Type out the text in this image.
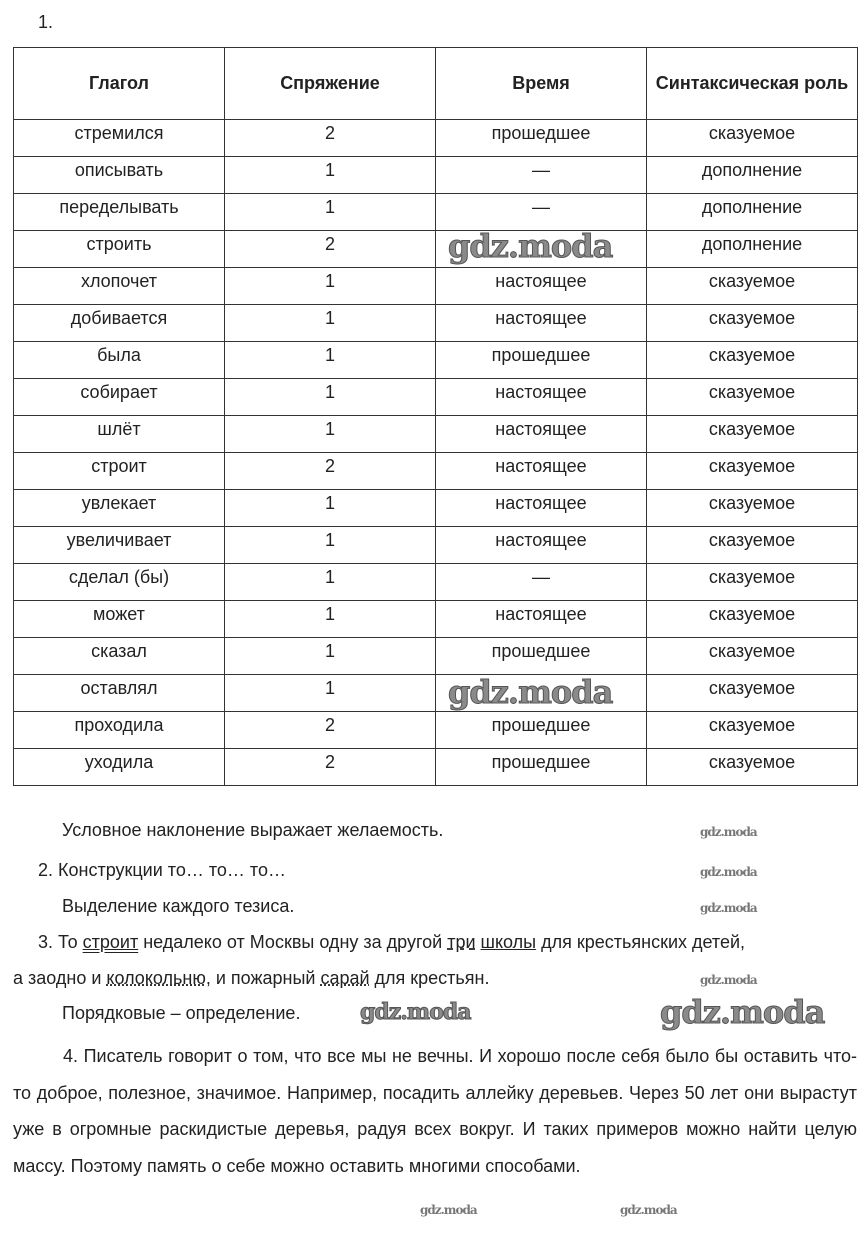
1.
Глагол	Спряжение	Время	Синтаксическая роль
стремился	2	прошедшее	сказуемое
описывать	1	—	дополнение
переделывать	1	—	дополнение
строить	2		дополнение
хлопочет	1	настоящее	сказуемое
добивается	1	настоящее	сказуемое
была	1	прошедшее	сказуемое
собирает	1	настоящее	сказуемое
шлёт	1	настоящее	сказуемое
строит	2	настоящее	сказуемое
увлекает	1	настоящее	сказуемое
увеличивает	1	настоящее	сказуемое
сделал (бы)	1	—	сказуемое
может	1	настоящее	сказуемое
сказал	1	прошедшее	сказуемое
оставлял	1		сказуемое
проходила	2	прошедшее	сказуемое
уходила	2	прошедшее	сказуемое
Условное наклонение выражает желаемость.
2. Конструкции то… то… то…
Выделение каждого тезиса.
3. То строит недалеко от Москвы одну за другой три школы для крестьянских детей,
а заодно и колокольню, и пожарный сарай для крестьян.
Порядковые – определение.
4. Писатель говорит о том, что все мы не вечны. И хорошо после себя было бы оставить что-то доброе, полезное, значимое. Например, посадить аллейку деревьев. Через 50 лет они вырастут уже в огромные раскидистые деревья, радуя всех вокруг. И таких примеров можно найти целую массу. Поэтому память о себе можно оставить многими способами.
gdz.moda
gdz.moda
gdz.moda	gdz.moda
gdz.moda
gdz.moda
gdz.moda
gdz.moda
gdz.moda	gdz.moda
